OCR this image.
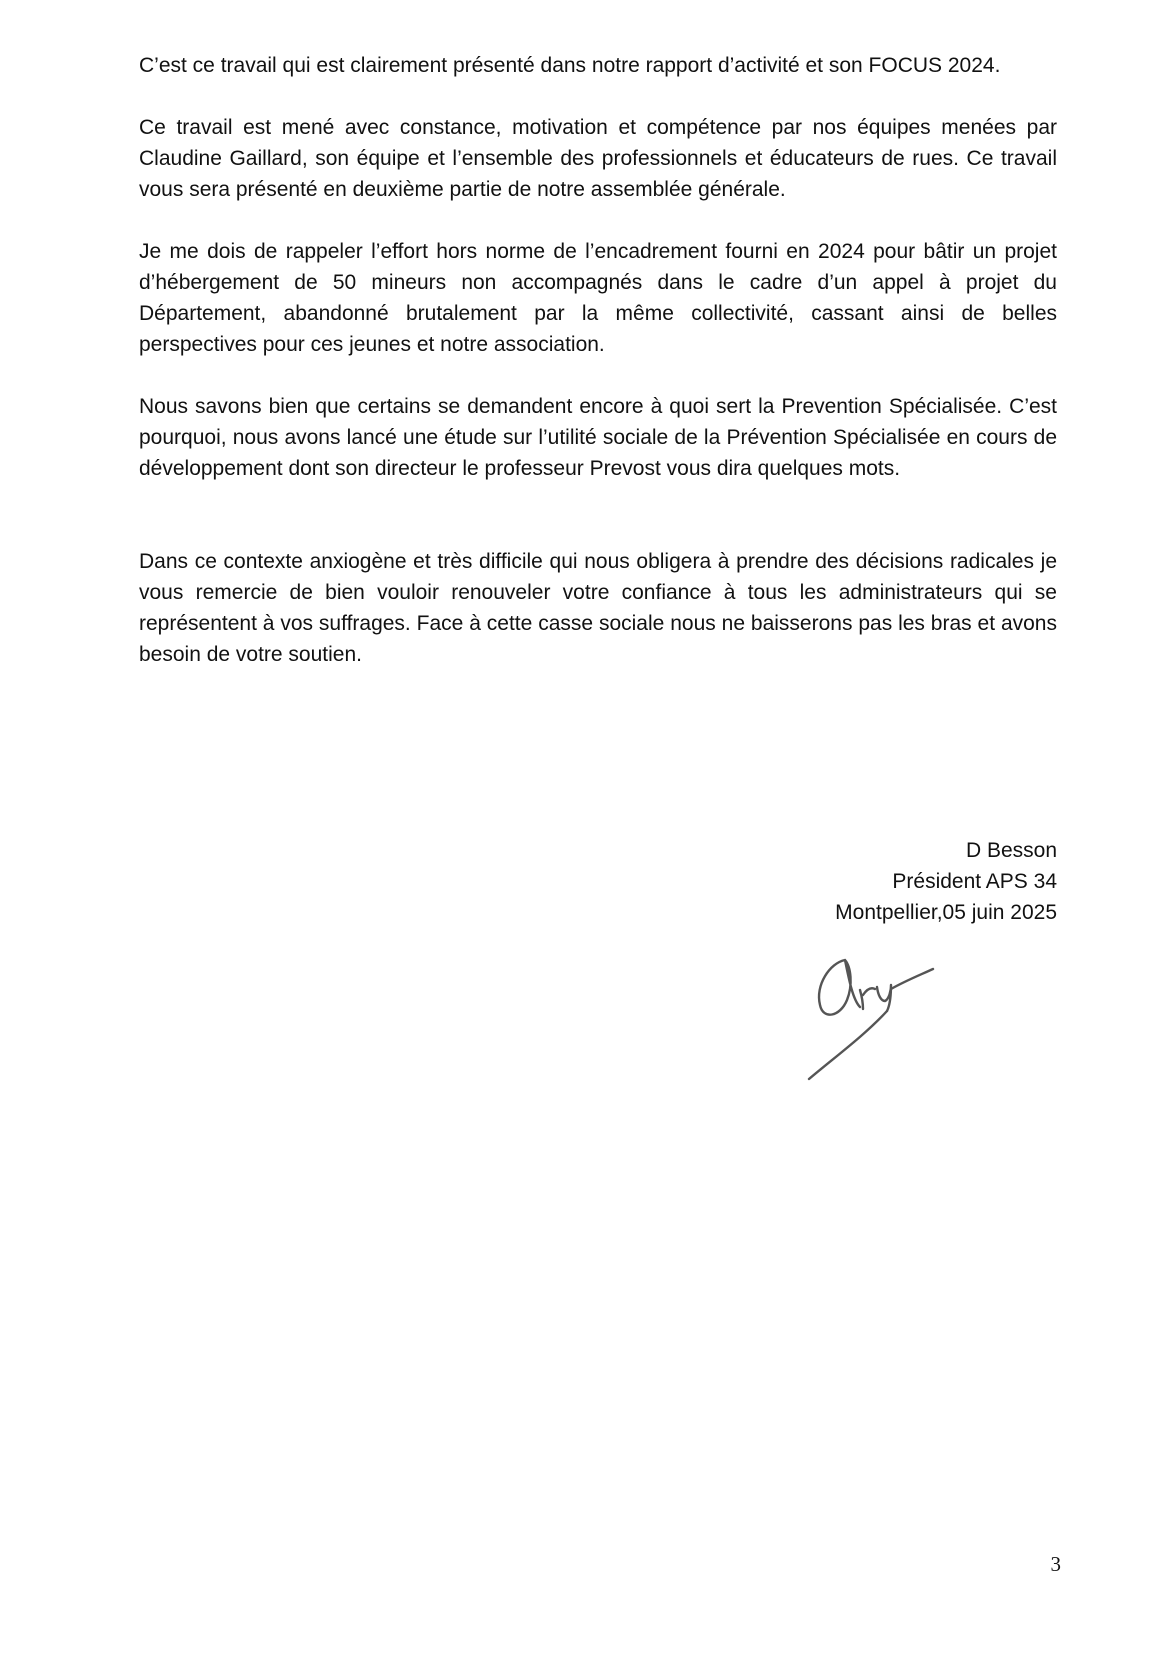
C’est ce travail qui est clairement présenté dans notre rapport d’activité et son FOCUS 2024.

Ce travail est mené avec constance, motivation et compétence par nos équipes menées par Claudine Gaillard, son équipe et l’ensemble des professionnels et éducateurs de rues. Ce travail vous sera présenté en deuxième partie de notre assemblée générale.

Je me dois de rappeler l’effort hors norme de l’encadrement fourni en 2024 pour bâtir un projet d’hébergement de 50 mineurs non accompagnés dans le cadre d’un appel à projet du Département, abandonné brutalement par la même collectivité, cassant ainsi de belles perspectives pour ces jeunes et notre association.

Nous savons bien que certains se demandent encore à quoi sert la Prevention Spécialisée. C’est pourquoi, nous avons lancé une étude sur l’utilité sociale de la Prévention Spécialisée en cours de développement dont son directeur le professeur Prevost vous dira quelques mots.

Dans ce contexte anxiogène et très difficile qui nous obligera à prendre des décisions radicales je vous remercie de bien vouloir renouveler votre confiance à tous les administrateurs qui se représentent à vos suffrages. Face à cette casse sociale nous ne baisserons pas les bras et avons besoin de votre soutien.

D Besson
Président APS 34
Montpellier,05 juin 2025
3
